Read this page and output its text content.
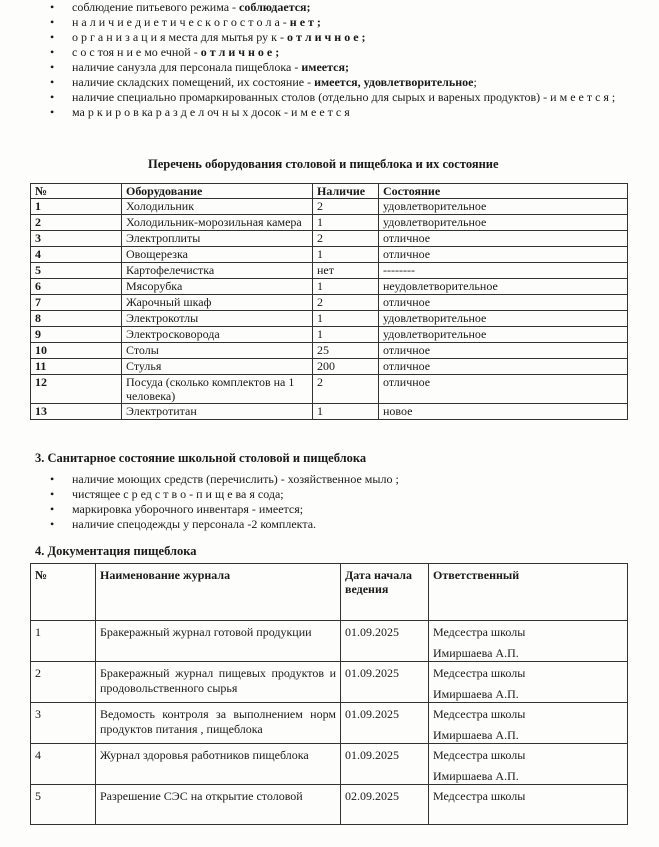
• соблюдение питьевого режима - соблюдается;
• н а л и ч и е д и е т и ч е с к о г о с т о л а - н е т ;
• о р г а н и з а ц и я места для мытья ру к - о т л и ч н о е ;
• с о с тоя н и е мо ечной - о т л и ч н о е ;
• наличие санузла для персонала пищеблока - имеется;
• наличие складских помещений, их состояние - имеется, удовлетворительное;
• наличие специально промаркированных столов (отдельно для сырых и вареных продуктов) - и м е е т с я ;
• ма р к и р о в ка р а з д е л оч н ы х досок - и м е е т с я
Перечень оборудования столовой и пищеблока и их состояние
№	Оборудование	Наличие	Состояние
1	Холодильник	2	удовлетворительное
2	Холодильник-морозильная камера	1	удовлетворительное
3	Электроплиты	2	отличное
4	Овощерезка	1	отличное
5	Картофелечистка	нет	--------
6	Мясорубка	1	неудовлетворительное
7	Жарочный шкаф	2	отличное
8	Электрокотлы	1	удовлетворительное
9	Электросковорода	1	удовлетворительное
10	Столы	25	отличное
11	Стулья	200	отличное
12	Посуда (сколько комплектов на 1 человека)	2	отличное
13	Электротитан	1	новое
3. Санитарное состояние школьной столовой и пищеблока
• наличие моющих средств (перечислить) - хозяйственное мыло ;
• чистящее с р ед с т в о - п и щ е ва я сода;
• маркировка уборочного инвентаря - имеется;
• наличие спецодежды у персонала -2 комплекта.
4. Документация пищеблока
№	Наименование журнала	Дата начала ведения	Ответственный
1	Бракеражный журнал готовой продукции	01.09.2025	Медсестра школы
Имиршаева А.П.

2	Бракеражный журнал пищевых продуктов и продовольственного сырья	01.09.2025	Медсестра школы
Имиршаева А.П.

3	Ведомость контроля за выполнением норм продуктов питания , пищеблока	01.09.2025	Медсестра школы
Имиршаева А.П.

4	Журнал здоровья работников пищеблока	01.09.2025	Медсестра школы
Имиршаева А.П.

5	Разрешение СЭС на открытие столовой	02.09.2025	Медсестра школы
